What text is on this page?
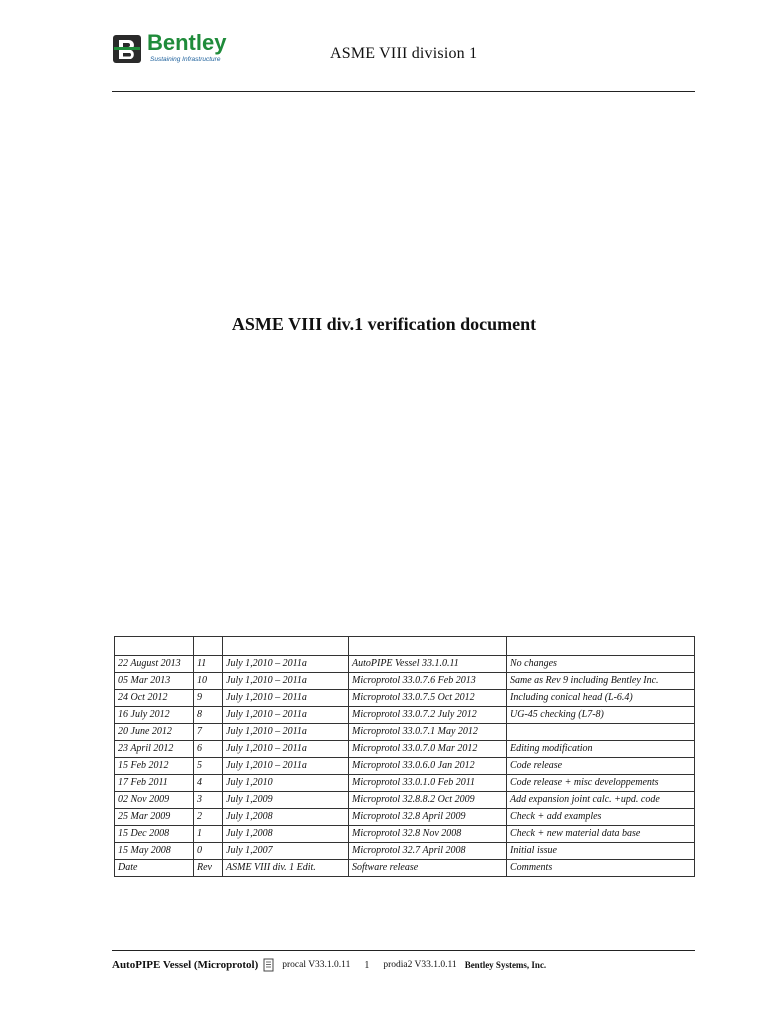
Bentley
Sustaining Infrastructure	ASME VIII division 1
ASME VIII div.1 verification document

22 August 2013	11	July 1,2010 – 2011a	AutoPIPE Vessel 33.1.0.11	No changes
05 Mar 2013	10	July 1,2010 – 2011a	Microprotol 33.0.7.6 Feb 2013	Same as Rev 9 including Bentley Inc.
24 Oct 2012	9	July 1,2010 – 2011a	Microprotol 33.0.7.5 Oct 2012	Including conical head (L-6.4)
16 July 2012	8	July 1,2010 – 2011a	Microprotol 33.0.7.2 July 2012	UG-45 checking (L7-8)
20 June 2012	7	July 1,2010 – 2011a	Microprotol 33.0.7.1 May 2012	
23 April 2012	6	July 1,2010 – 2011a	Microprotol 33.0.7.0 Mar 2012	Editing modification
15 Feb 2012	5	July 1,2010 – 2011a	Microprotol 33.0.6.0 Jan 2012	Code release
17 Feb 2011	4	July 1,2010	Microprotol 33.0.1.0 Feb 2011	Code release + misc developpements
02 Nov 2009	3	July 1,2009	Microprotol 32.8.8.2 Oct 2009	Add expansion joint calc. +upd. code
25 Mar 2009	2	July 1,2008	Microprotol 32.8 April 2009	Check + add examples
15 Dec 2008	1	July 1,2008	Microprotol 32.8 Nov 2008	Check + new material data base
15 May 2008	0	July 1,2007	Microprotol 32.7 April 2008	Initial issue
Date	Rev	ASME VIII div. 1 Edit.	Software release	Comments
AutoPIPE Vessel (Microprotol)	procal V33.1.0.11 1 prodia2 V33.1.0.11 Bentley Systems, Inc.
